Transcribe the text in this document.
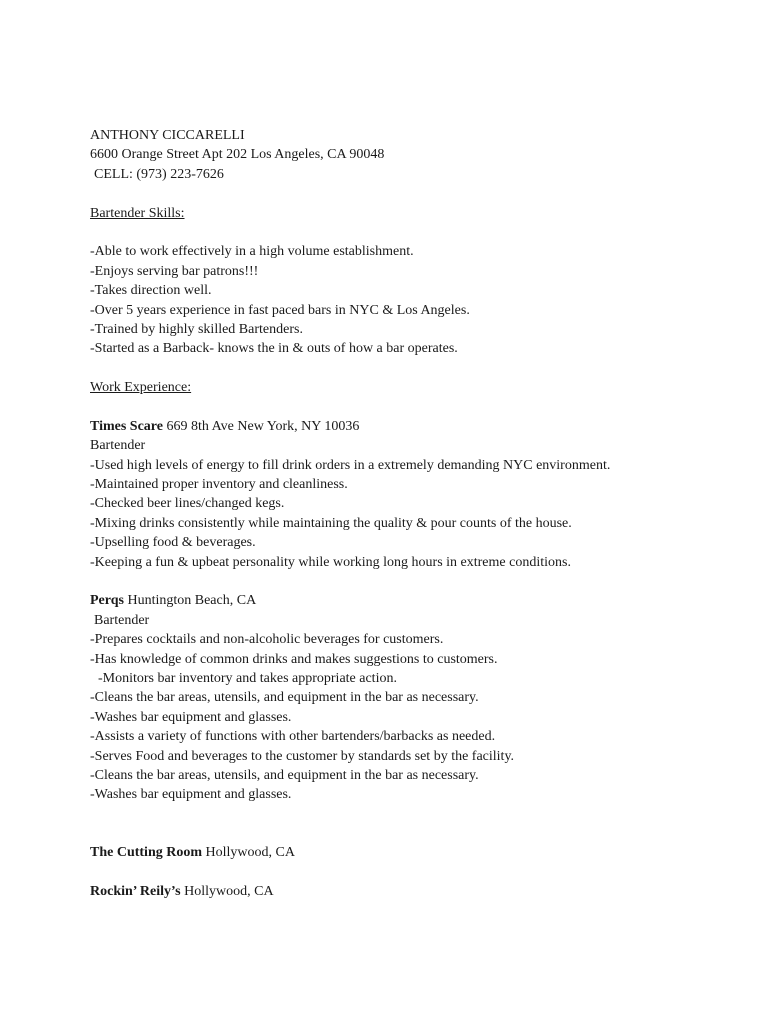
ANTHONY CICCARELLI
6600 Orange Street Apt 202 Los Angeles, CA 90048
CELL: (973) 223-7626
Bartender Skills:
-Able to work effectively in a high volume establishment.
-Enjoys serving bar patrons!!!
-Takes direction well.
-Over 5 years experience in fast paced bars in NYC & Los Angeles.
-Trained by highly skilled Bartenders.
-Started as a Barback- knows the in & outs of how a bar operates.
Work Experience:
Times Scare 669 8th Ave New York, NY 10036
Bartender
-Used high levels of energy to fill drink orders in a extremely demanding NYC environment.
-Maintained proper inventory and cleanliness.
-Checked beer lines/changed kegs.
-Mixing drinks consistently while maintaining the quality & pour counts of the house.
-Upselling food & beverages.
-Keeping a fun & upbeat personality while working long hours in extreme conditions.
Perqs Huntington Beach, CA
Bartender
-Prepares cocktails and non-alcoholic beverages for customers.
-Has knowledge of common drinks and makes suggestions to customers.
-Monitors bar inventory and takes appropriate action.
-Cleans the bar areas, utensils, and equipment in the bar as necessary.
-Washes bar equipment and glasses.
-Assists a variety of functions with other bartenders/barbacks as needed.
-Serves Food and beverages to the customer by standards set by the facility.
-Cleans the bar areas, utensils, and equipment in the bar as necessary.
-Washes bar equipment and glasses.
The Cutting Room Hollywood, CA
Rockin’ Reily’s Hollywood, CA
